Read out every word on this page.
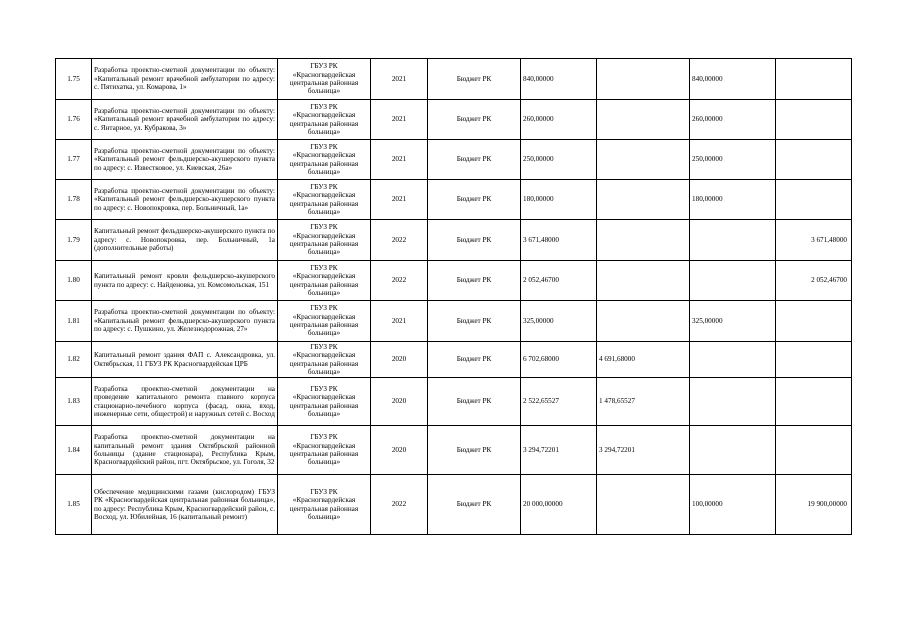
1.75	Разработка проектно-сметной документации по объекту: «Капитальный ремонт врачебной амбулатории по адресу: с. Пятихатка, ул. Комарова, 1»	ГБУЗ РК «Красногвардейская центральная районная больница»	2021	Бюджет РК	840,00000		840,00000	
1.76	Разработка проектно-сметной документации по объекту: «Капитальный ремонт врачебной амбулатории по адресу: с. Янтарное, ул. Кубракова, 3»	ГБУЗ РК «Красногвардейская центральная районная больница»	2021	Бюджет РК	260,00000		260,00000	
1.77	Разработка проектно-сметной документации по объекту: «Капитальный ремонт фельдшерско-акушерского пункта по адресу: с. Известковое, ул. Киевская, 26а»	ГБУЗ РК «Красногвардейская центральная районная больница»	2021	Бюджет РК	250,00000		250,00000	
1.78	Разработка проектно-сметной документации по объекту: «Капитальный ремонт фельдшерско-акушерского пункта по адресу: с. Новопокровка, пер. Больничный, 1а»	ГБУЗ РК «Красногвардейская центральная районная больница»	2021	Бюджет РК	180,00000		180,00000	
1.79	Капитальный ремонт фельдшерско-акушерского пункта по адресу: с. Новопокровка, пер. Больничный, 1а (дополнительные работы)	ГБУЗ РК «Красногвардейская центральная районная больница»	2022	Бюджет РК	3 671,48000			3 671,48000
1.80	Капитальный ремонт кровли фельдшерско-акушерского пункта по адресу: с. Найденовка, ул. Комсомольская, 151	ГБУЗ РК «Красногвардейская центральная районная больница»	2022	Бюджет РК	2 052,46700			2 052,46700
1.81	Разработка проектно-сметной документации по объекту: «Капитальный ремонт фельдшерско-акушерского пункта по адресу: с. Пушкино, ул. Железнодорожная, 27»	ГБУЗ РК «Красногвардейская центральная районная больница»	2021	Бюджет РК	325,00000		325,00000	
1.82	Капитальный ремонт здания ФАП с. Александровка, ул. Октябрьская, 11 ГБУЗ РК Красногвардейская ЦРБ	ГБУЗ РК «Красногвардейская центральная районная больница»	2020	Бюджет РК	6 702,68000	4 691,68000		
1.83	Разработка проектно-сметной документации на проведение капитального ремонта главного корпуса стационарно-лечебного корпуса (фасад, окна, вход, инженерные сети, общестрой) и наружных сетей с. Восход	ГБУЗ РК «Красногвардейская центральная районная больница»	2020	Бюджет РК	2 522,65527	1 478,65527		
1.84	Разработка проектно-сметной документации на капитальный ремонт здания Октябрьской районной больницы (здание стационара), Республика Крым, Красногвардейский район, пгт. Октябрьское, ул. Гоголя, 32	ГБУЗ РК «Красногвардейская центральная районная больница»	2020	Бюджет РК	3 294,72201	3 294,72201		
1.85	Обеспечение медицинскими газами (кислородом) ГБУЗ РК «Красногвардейская центральная районная больница», по адресу: Республика Крым, Красногвардейский район, с. Восход, ул. Юбилейная, 16 (капитальный ремонт)	ГБУЗ РК «Красногвардейская центральная районная больница»	2022	Бюджет РК	20 000,00000		100,00000	19 900,00000
